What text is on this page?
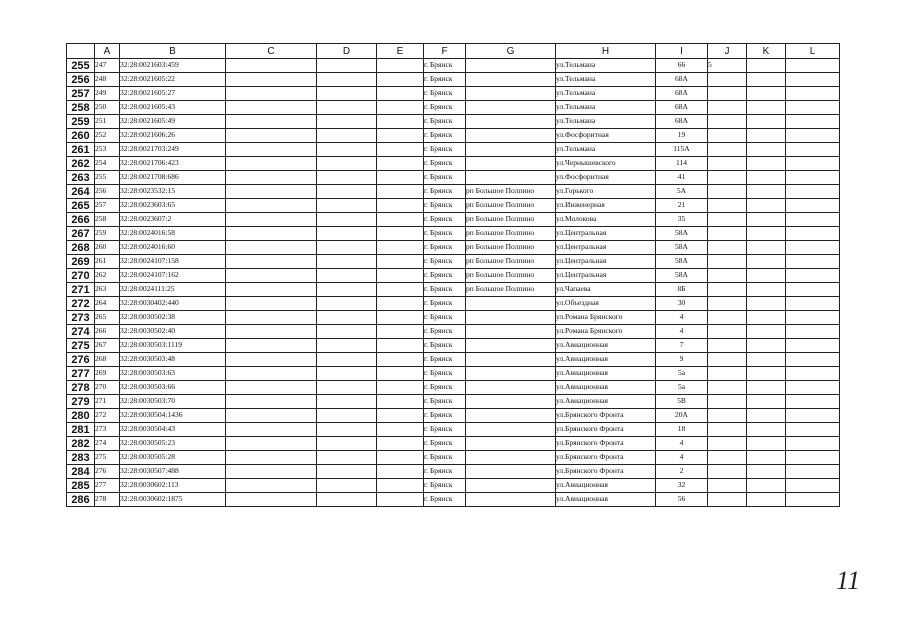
	A	B	C	D	E	F	G	H	I	J	K	L
255	247	32:28:0021603:459				г. Брянск		ул.Тельмана	66	5		
256	248	32:28:0021605:22				г. Брянск		ул.Тельмана	68А			
257	249	32:28:0021605:27				г. Брянск		ул.Тельмана	68А			
258	250	32:28:0021605:43				г. Брянск		ул.Тельмана	68А			
259	251	32:28:0021605:49				г. Брянск		ул.Тельмана	68А			
260	252	32:28:0021606:26				г. Брянск		ул.Фосфоритная	19			
261	253	32:28:0021703:249				г. Брянск		ул.Тельмана	115А			
262	254	32:28:0021706:423				г. Брянск		ул.Чернышевского	114			
263	255	32:28:0021708:686				г. Брянск		ул.Фосфоритная	41			
264	256	32:28:0023532:15				г. Брянск	рп Большое Полпино	ул.Горького	5А			
265	257	32:28:0023603:65				г. Брянск	рп Большое Полпино	ул.Инженерная	21			
266	258	32:28:0023607:2				г. Брянск	рп Большое Полпино	ул.Молокова	35			
267	259	32:28:0024016:58				г. Брянск	рп Большое Полпино	ул.Центральная	58А			
268	260	32:28:0024016:60				г. Брянск	рп Большое Полпино	ул.Центральная	58А			
269	261	32:28:0024107:158				г. Брянск	рп Большое Полпино	ул.Центральная	58А			
270	262	32:28:0024107:162				г. Брянск	рп Большое Полпино	ул.Центральная	58А			
271	263	32:28:0024111:25				г. Брянск	рп Большое Полпино	ул.Чапаева	8Б			
272	264	32:28:0030402:440				г. Брянск		ул.Объездная	30			
273	265	32:28:0030502:38				г. Брянск		ул.Романа Брянского	4			
274	266	32:28:0030502:40				г. Брянск		ул.Романа Брянского	4			
275	267	32:28:0030503:1119				г. Брянск		ул.Авиационная	7			
276	268	32:28:0030503:48				г. Брянск		ул.Авиационная	9			
277	269	32:28:0030503:63				г. Брянск		ул.Авиационная	5а			
278	270	32:28:0030503:66				г. Брянск		ул.Авиационная	5а			
279	271	32:28:0030503:70				г. Брянск		ул.Авиационная	5В			
280	272	32:28:0030504:1436				г. Брянск		ул.Брянского Фронта	20А			
281	273	32:28:0030504:43				г. Брянск		ул.Брянского Фронта	18			
282	274	32:28:0030505:23				г. Брянск		ул.Брянского Фронта	4			
283	275	32:28:0030505:28				г. Брянск		ул.Брянского Фронта	4			
284	276	32:28:0030507:488				г. Брянск		ул.Брянского Фронта	2			
285	277	32:28:0030602:113				г. Брянск		ул.Авиационная	32			
286	278	32:28:0030602:1875				г. Брянск		ул.Авиационная	56			
11
